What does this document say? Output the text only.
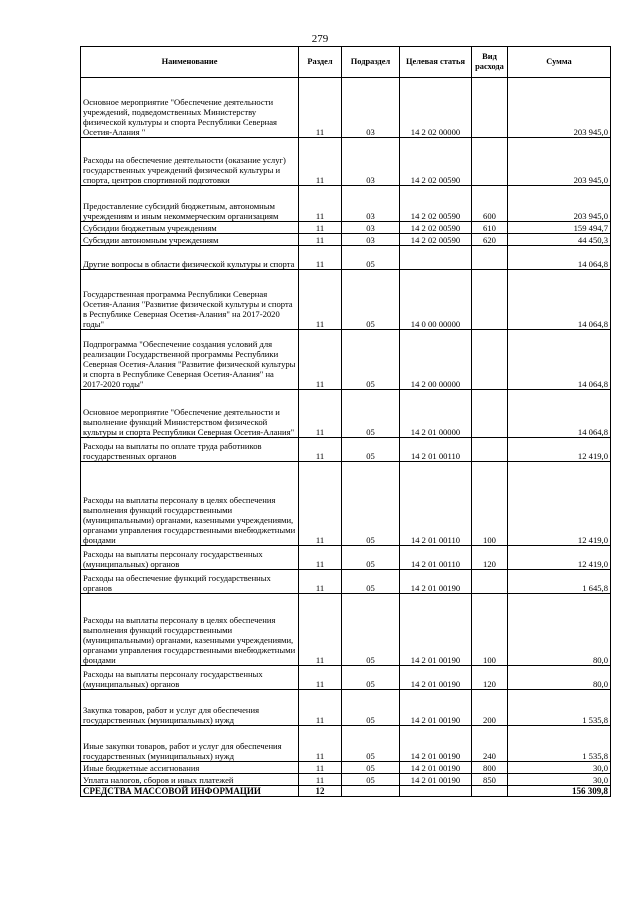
279
Наименование	Раздел	Подраздел	Целевая статья	Вид расхода	Сумма
Основное мероприятие "Обеспечение деятельности учреждений, подведомственных Министерству физической культуры и спорта Республики Северная Осетия-Алания "	11	03	14 2 02 00000		203 945,0
Расходы на обеспечение деятельности (оказание услуг) государственных учреждений физической культуры и спорта, центров спортивной подготовки	11	03	14 2 02 00590		203 945,0
Предоставление субсидий бюджетным, автономным учреждениям и иным некоммерческим организациям	11	03	14 2 02 00590	600	203 945,0
Субсидии бюджетным учреждениям	11	03	14 2 02 00590	610	159 494,7
Субсидии автономным учреждениям	11	03	14 2 02 00590	620	44 450,3
Другие вопросы в области физической культуры и спорта	11	05			14 064,8
Государственная программа Республики Северная Осетия-Алания "Развитие физической культуры и спорта в Республике Северная Осетия-Алания" на 2017-2020 годы"	11	05	14 0 00 00000		14 064,8
Подпрограмма "Обеспечение создания условий для реализации Государственной программы Республики Северная Осетия-Алания "Развитие физической культуры и спорта в Республике Северная Осетия-Алания" на 2017-2020 годы"	11	05	14 2 00 00000		14 064,8
Основное мероприятие "Обеспечение деятельности и выполнение функций Министерством физической культуры и спорта Республики Северная Осетия-Алания"	11	05	14 2 01 00000		14 064,8
Расходы на выплаты по оплате труда работников государственных органов	11	05	14 2 01 00110		12 419,0
Расходы на выплаты персоналу в целях обеспечения выполнения функций государственными (муниципальными) органами, казенными учреждениями, органами управления государственными внебюджетными фондами	11	05	14 2 01 00110	100	12 419,0
Расходы на выплаты персоналу государственных (муниципальных) органов	11	05	14 2 01 00110	120	12 419,0
Расходы на обеспечение функций государственных органов	11	05	14 2 01 00190		1 645,8
Расходы на выплаты персоналу в целях обеспечения выполнения функций государственными (муниципальными) органами, казенными учреждениями, органами управления государственными внебюджетными фондами	11	05	14 2 01 00190	100	80,0
Расходы на выплаты персоналу государственных (муниципальных) органов	11	05	14 2 01 00190	120	80,0
Закупка товаров, работ и услуг для обеспечения государственных (муниципальных) нужд	11	05	14 2 01 00190	200	1 535,8
Иные закупки товаров, работ и услуг для обеспечения государственных (муниципальных) нужд	11	05	14 2 01 00190	240	1 535,8
Иные бюджетные ассигнования	11	05	14 2 01 00190	800	30,0
Уплата налогов, сборов и иных платежей	11	05	14 2 01 00190	850	30,0
СРЕДСТВА МАССОВОЙ ИНФОРМАЦИИ	12				156 309,8
